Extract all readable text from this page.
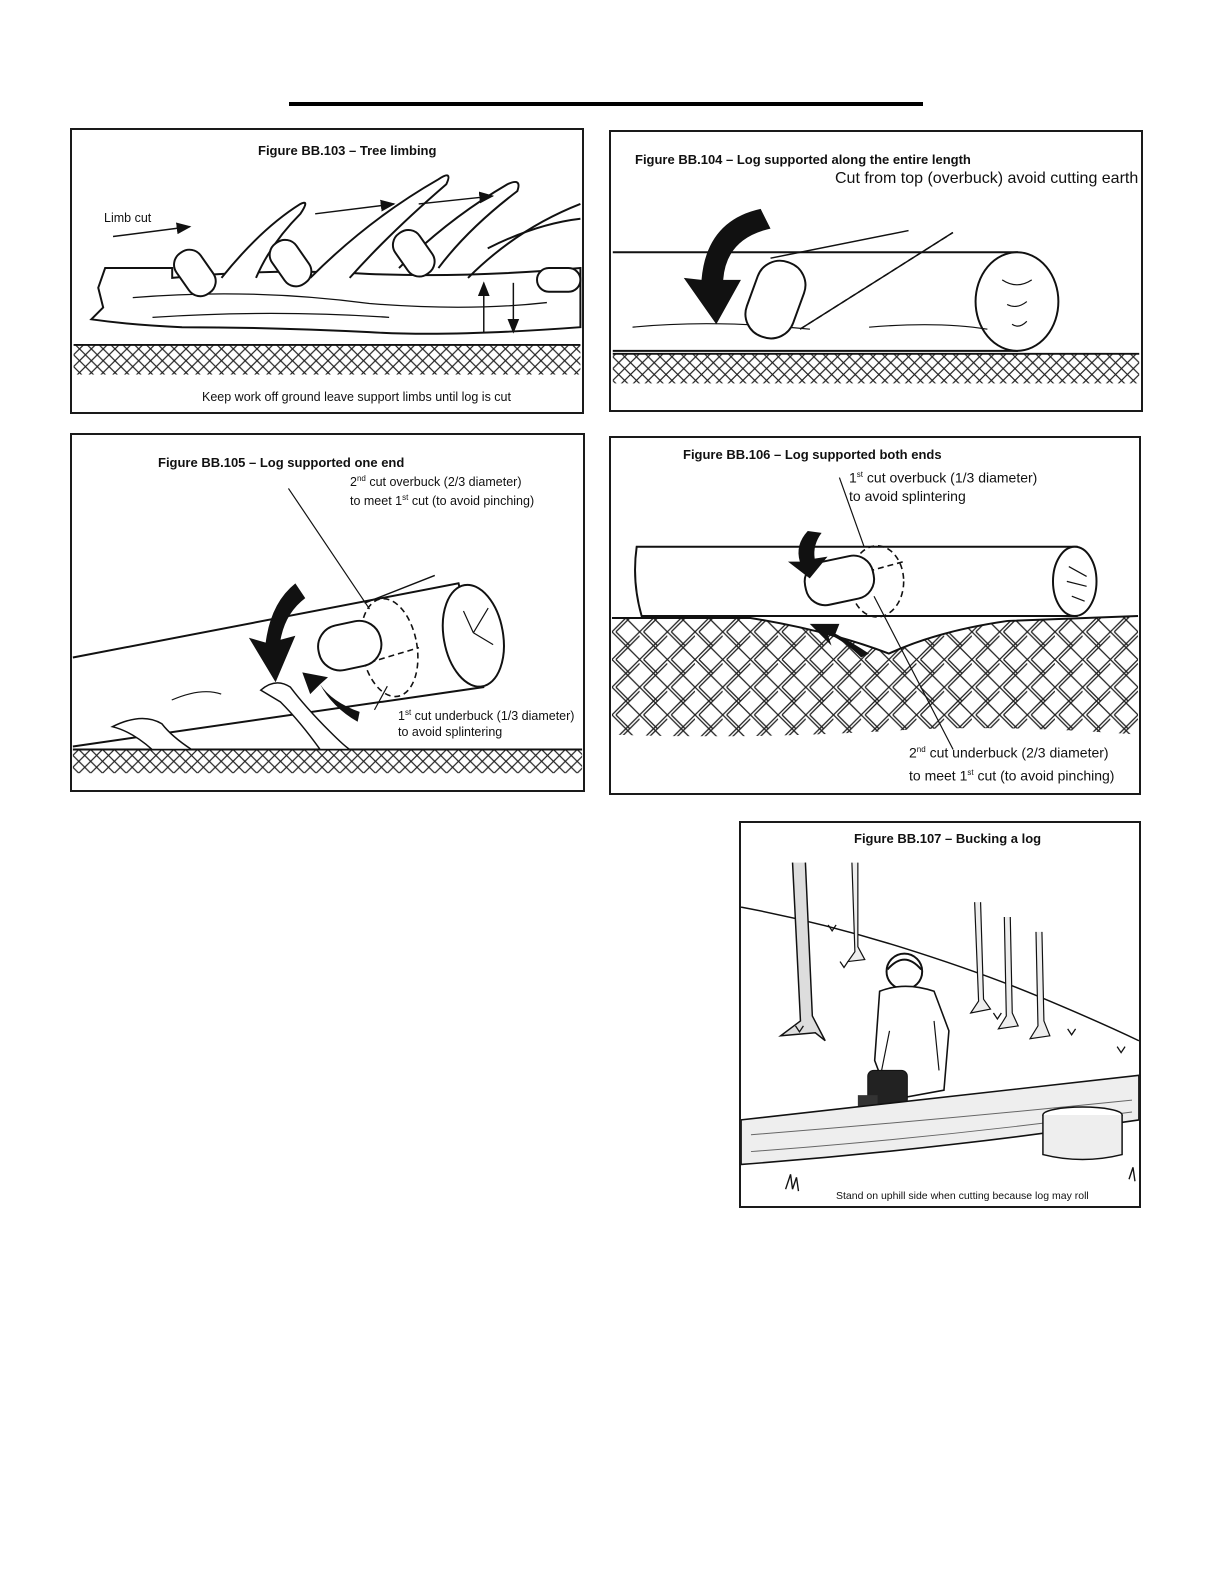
Figure BB.103 – Tree limbing
Limb cut
Keep work off ground leave support limbs until log is cut
Figure BB.104 – Log supported along the entire length
Cut from top (overbuck) avoid cutting earth
Figure BB.105 – Log supported one end
2nd cut overbuck (2/3 diameter)
to meet 1st cut (to avoid pinching)
1st cut underbuck (1/3 diameter)
to avoid splintering
Figure BB.106 – Log supported both ends
1st cut overbuck (1/3 diameter)
to avoid splintering
2nd cut underbuck (2/3 diameter)
to meet 1st cut (to avoid pinching)
Figure BB.107 – Bucking a log
Stand on uphill side when cutting because log may roll
